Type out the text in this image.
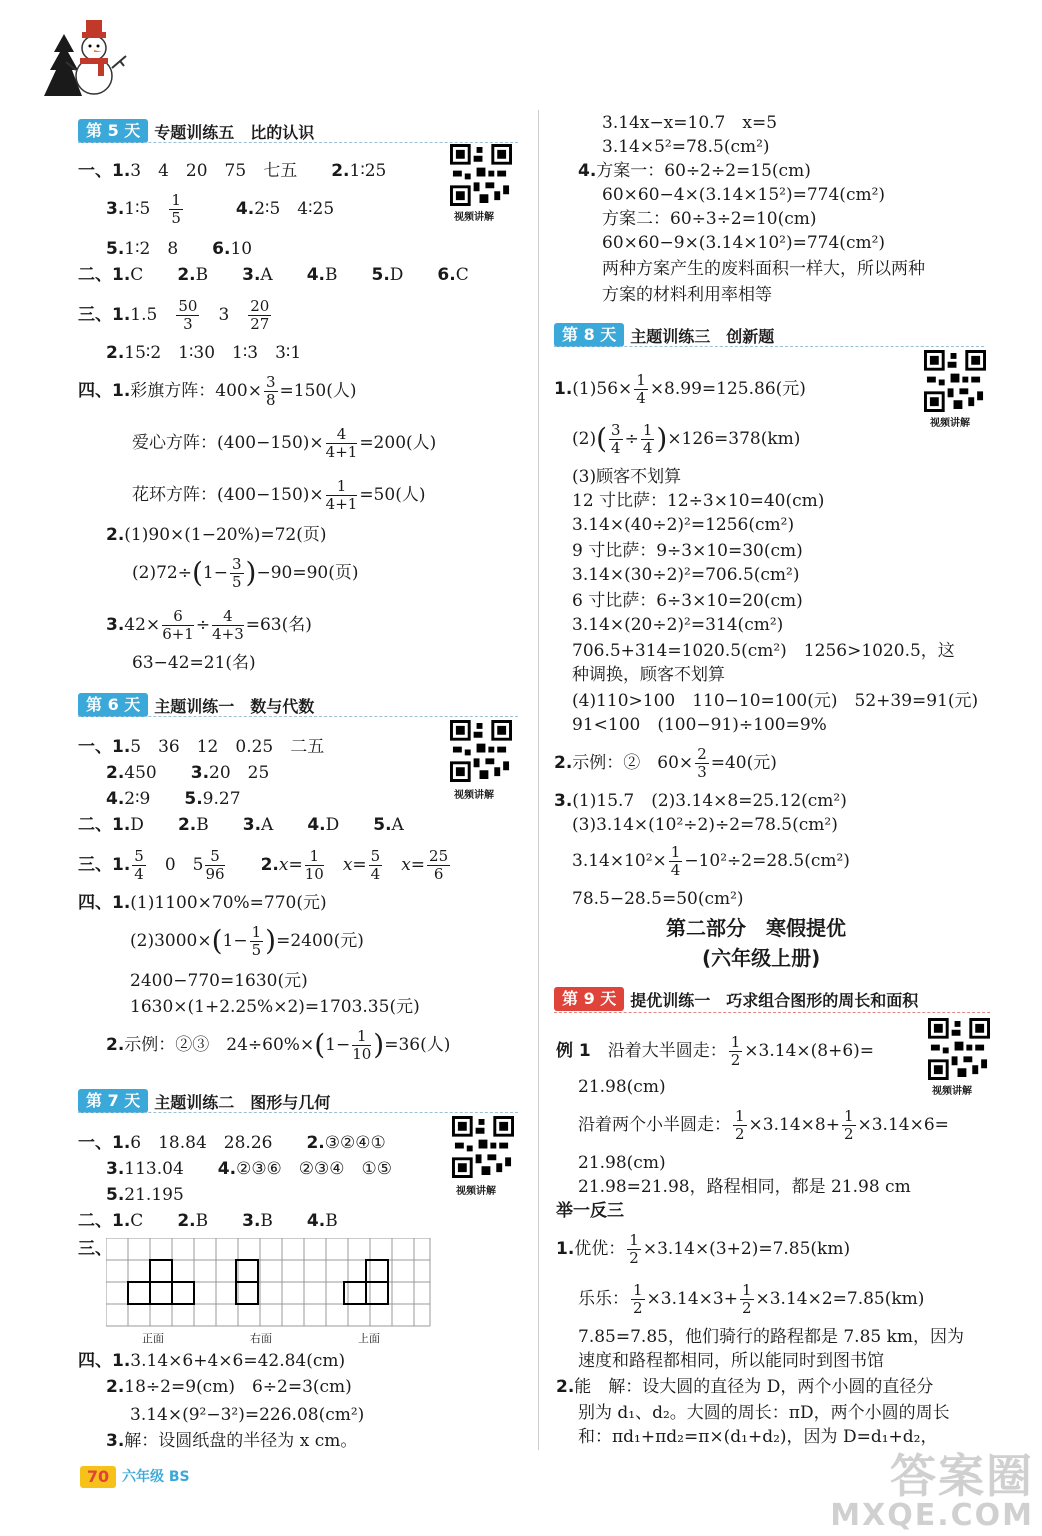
第 5 天 专题训练五　比的认识
视频讲解
一、1.3　4　20　75　七五　　 2.1∶25
3. 1∶5
　 $\frac{1}{5}$
　　　	4. 2∶5　4∶25
5.1∶2　8　　 6.10
二、1.C　　 2.B　　 3.A　　 4.B　　 5.D　　 6.C
三、1. 1.5
　 $\frac{50}{3}$
　 3
　 $\frac{20}{27}$
2.15∶2　1∶30　1∶3　3∶1
四、1. 彩旗方阵：$400\times \frac{3}{8} =150$(人)
爱心方阵：$(400-150)\times \frac{4}{4+1} =200$(人)
花环方阵：$(400-150)\times \frac{1}{4+1} =50$(人)
2.(1)90×(1−20%)=72(页)
(2)72÷ ( $1- \frac{3}{5}$ ) −90=90(页)
3. $42\times \frac{6}{6+1} \div \frac{4}{4+3} =63$(名)
63−42=21(名)
第 6 天 主题训练一　数与代数
视频讲解
一、1.5　36　12　0.25　二五
2.450　　 3.20　25
4.2∶9　　 5.9.27
二、1.D　　 2.B　　 3.A　　 4.D　　 5.A
三、1. $\frac{5}{4}$
　 0　$5 \frac{5}{96}$
　　 2. $x= \frac{1}{10}$
　 $x= \frac{5}{4}$
　 $x= \frac{25}{6}$
四、1.(1)1100×70%=770(元)
(2)3000× ( $1- \frac{1}{5}$ ) =2400(元)
2400−770=1630(元)
1630×(1+2.25%×2)=1703.35(元)
2. 示例：②③　24÷60%× ( $1- \frac{1}{10}$ ) =36(人)
第 7 天 主题训练二　图形与几何
视频讲解
一、1.6　18.84　28.26　　 2.③②④①
3.113.04　　 4.②③⑥　②③④　①⑤
5.21.195
二、1.C　　 2.B　　 3.B　　 4.B
三、
正面	右面	上面
四、1.3.14×6+4×6=42.84(cm)
2.18÷2=9(cm)　6÷2=3(cm)
3.14×(9²−3²)=226.08(cm²)
3.解：设圆纸盘的半径为 x cm。
3.14x−x=10.7　x=5
3.14×5²=78.5(cm²)
4.方案一：60÷2÷2=15(cm)
60×60−4×(3.14×15²)=774(cm²)
方案二：60÷3÷2=10(cm)
60×60−9×(3.14×10²)=774(cm²)
两种方案产生的废料面积一样大，所以两种
方案的材料利用率相等
第 8 天 主题训练三　创新题
视频讲解
1. $(1)56\times \frac{1}{4} \times 8.99=125.86$(元)
(2) ( $\frac{3}{4} \div \frac{1}{4}$ ) ×126=378(km)
(3)顾客不划算
12 寸比萨：12÷3×10=40(cm)
3.14×(40÷2)²=1256(cm²)
9 寸比萨：9÷3×10=30(cm)
3.14×(30÷2)²=706.5(cm²)
6 寸比萨：6÷3×10=20(cm)
3.14×(20÷2)²=314(cm²)
706.5+314=1020.5(cm²)　1256>1020.5，这
种调换，顾客不划算
(4)110>100　110−10=100(元)　52+39=91(元)
91<100　(100−91)÷100=9%
2. 示例：②　$60\times \frac{2}{3} =40$(元)
3.(1)15.7　(2)3.14×8=25.12(cm²)
(3)3.14×(10²÷2)÷2=78.5(cm²)
$3.14\times 10^2\times \frac{1}{4} -10^2\div 2=28.5(cm^2)$
78.5−28.5=50(cm²)
第二部分　寒假提优
(六年级上册)
第 9 天 提优训练一　巧求组合图形的周长和面积
视频讲解
例 1
　 沿着大半圆走： $\frac{1}{2} \times 3.14\times(8+6)=$
21.98(cm)
沿着两个小半圆走： $\frac{1}{2} \times 3.14\times 8+ \frac{1}{2} \times 3.14\times 6=$
21.98(cm)
21.98=21.98，路程相同，都是 21.98 cm
举一反三
1. 优优： $\frac{1}{2} \times 3.14\times(3+2)=7.85(km)$
乐乐： $\frac{1}{2} \times 3.14\times 3+ \frac{1}{2} \times 3.14\times 2=7.85(km)$
7.85=7.85，他们骑行的路程都是 7.85 km，因为
速度和路程都相同，所以能同时到图书馆
2.能　解：设大圆的直径为 D，两个小圆的直径分
别为 d₁、d₂。大圆的周长：πD，两个小圆的周长
和：πd₁+πd₂=π×(d₁+d₂)，因为 D=d₁+d₂，
70 六年级 BS	答案圈
MXQE.COM
